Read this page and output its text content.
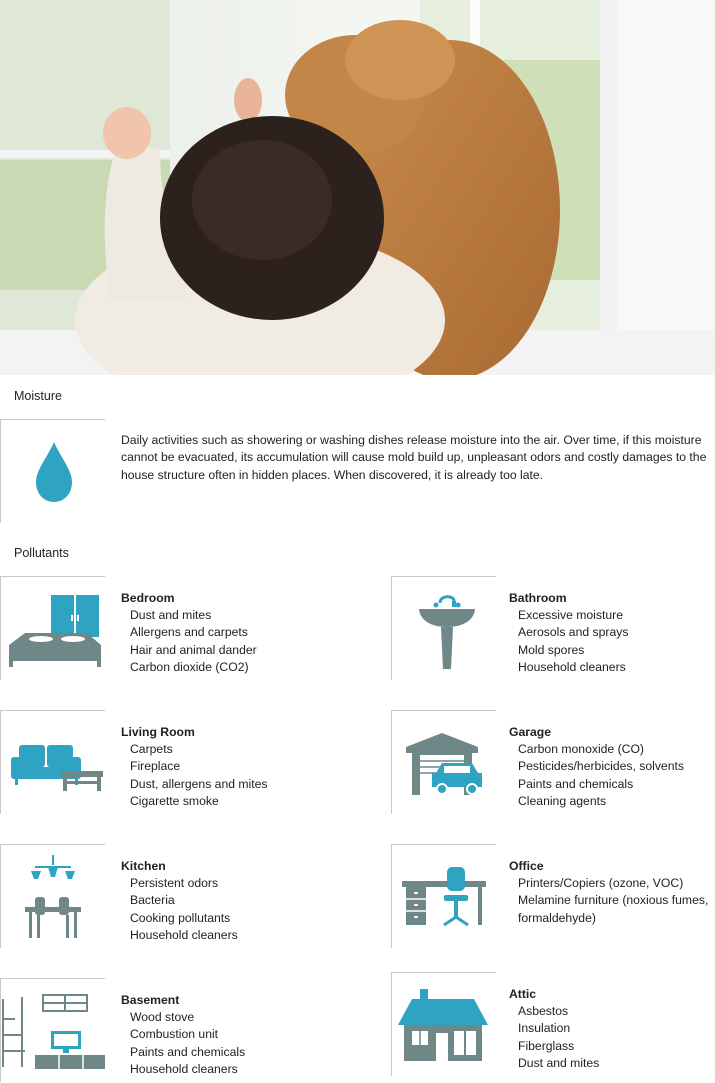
Moisture
Daily activities such as showering or washing dishes release moisture into the air. Over time, if this moisture cannot be evacuated, its accumulation will cause mold build up, unpleasant odors and costly damages to the house structure often in hidden places. When discovered, it is already too late.
Pollutants
Bedroom
Dust and mites
Allergens and carpets
Hair and animal dander
Carbon dioxide (CO2)
Bathroom
Excessive moisture
Aerosols and sprays
Mold spores
Household cleaners
Living Room
Carpets
Fireplace
Dust, allergens and mites
Cigarette smoke
Garage
Carbon monoxide (CO)
Pesticides/herbicides, solvents
Paints and chemicals
Cleaning agents
Kitchen
Persistent odors
Bacteria
Cooking pollutants
Household cleaners
Office
Printers/Copiers (ozone, VOC)
Melamine furniture (noxious fumes, formaldehyde)
Basement
Wood stove
Combustion unit
Paints and chemicals
Household cleaners
Attic
Asbestos
Insulation
Fiberglass
Dust and mites
